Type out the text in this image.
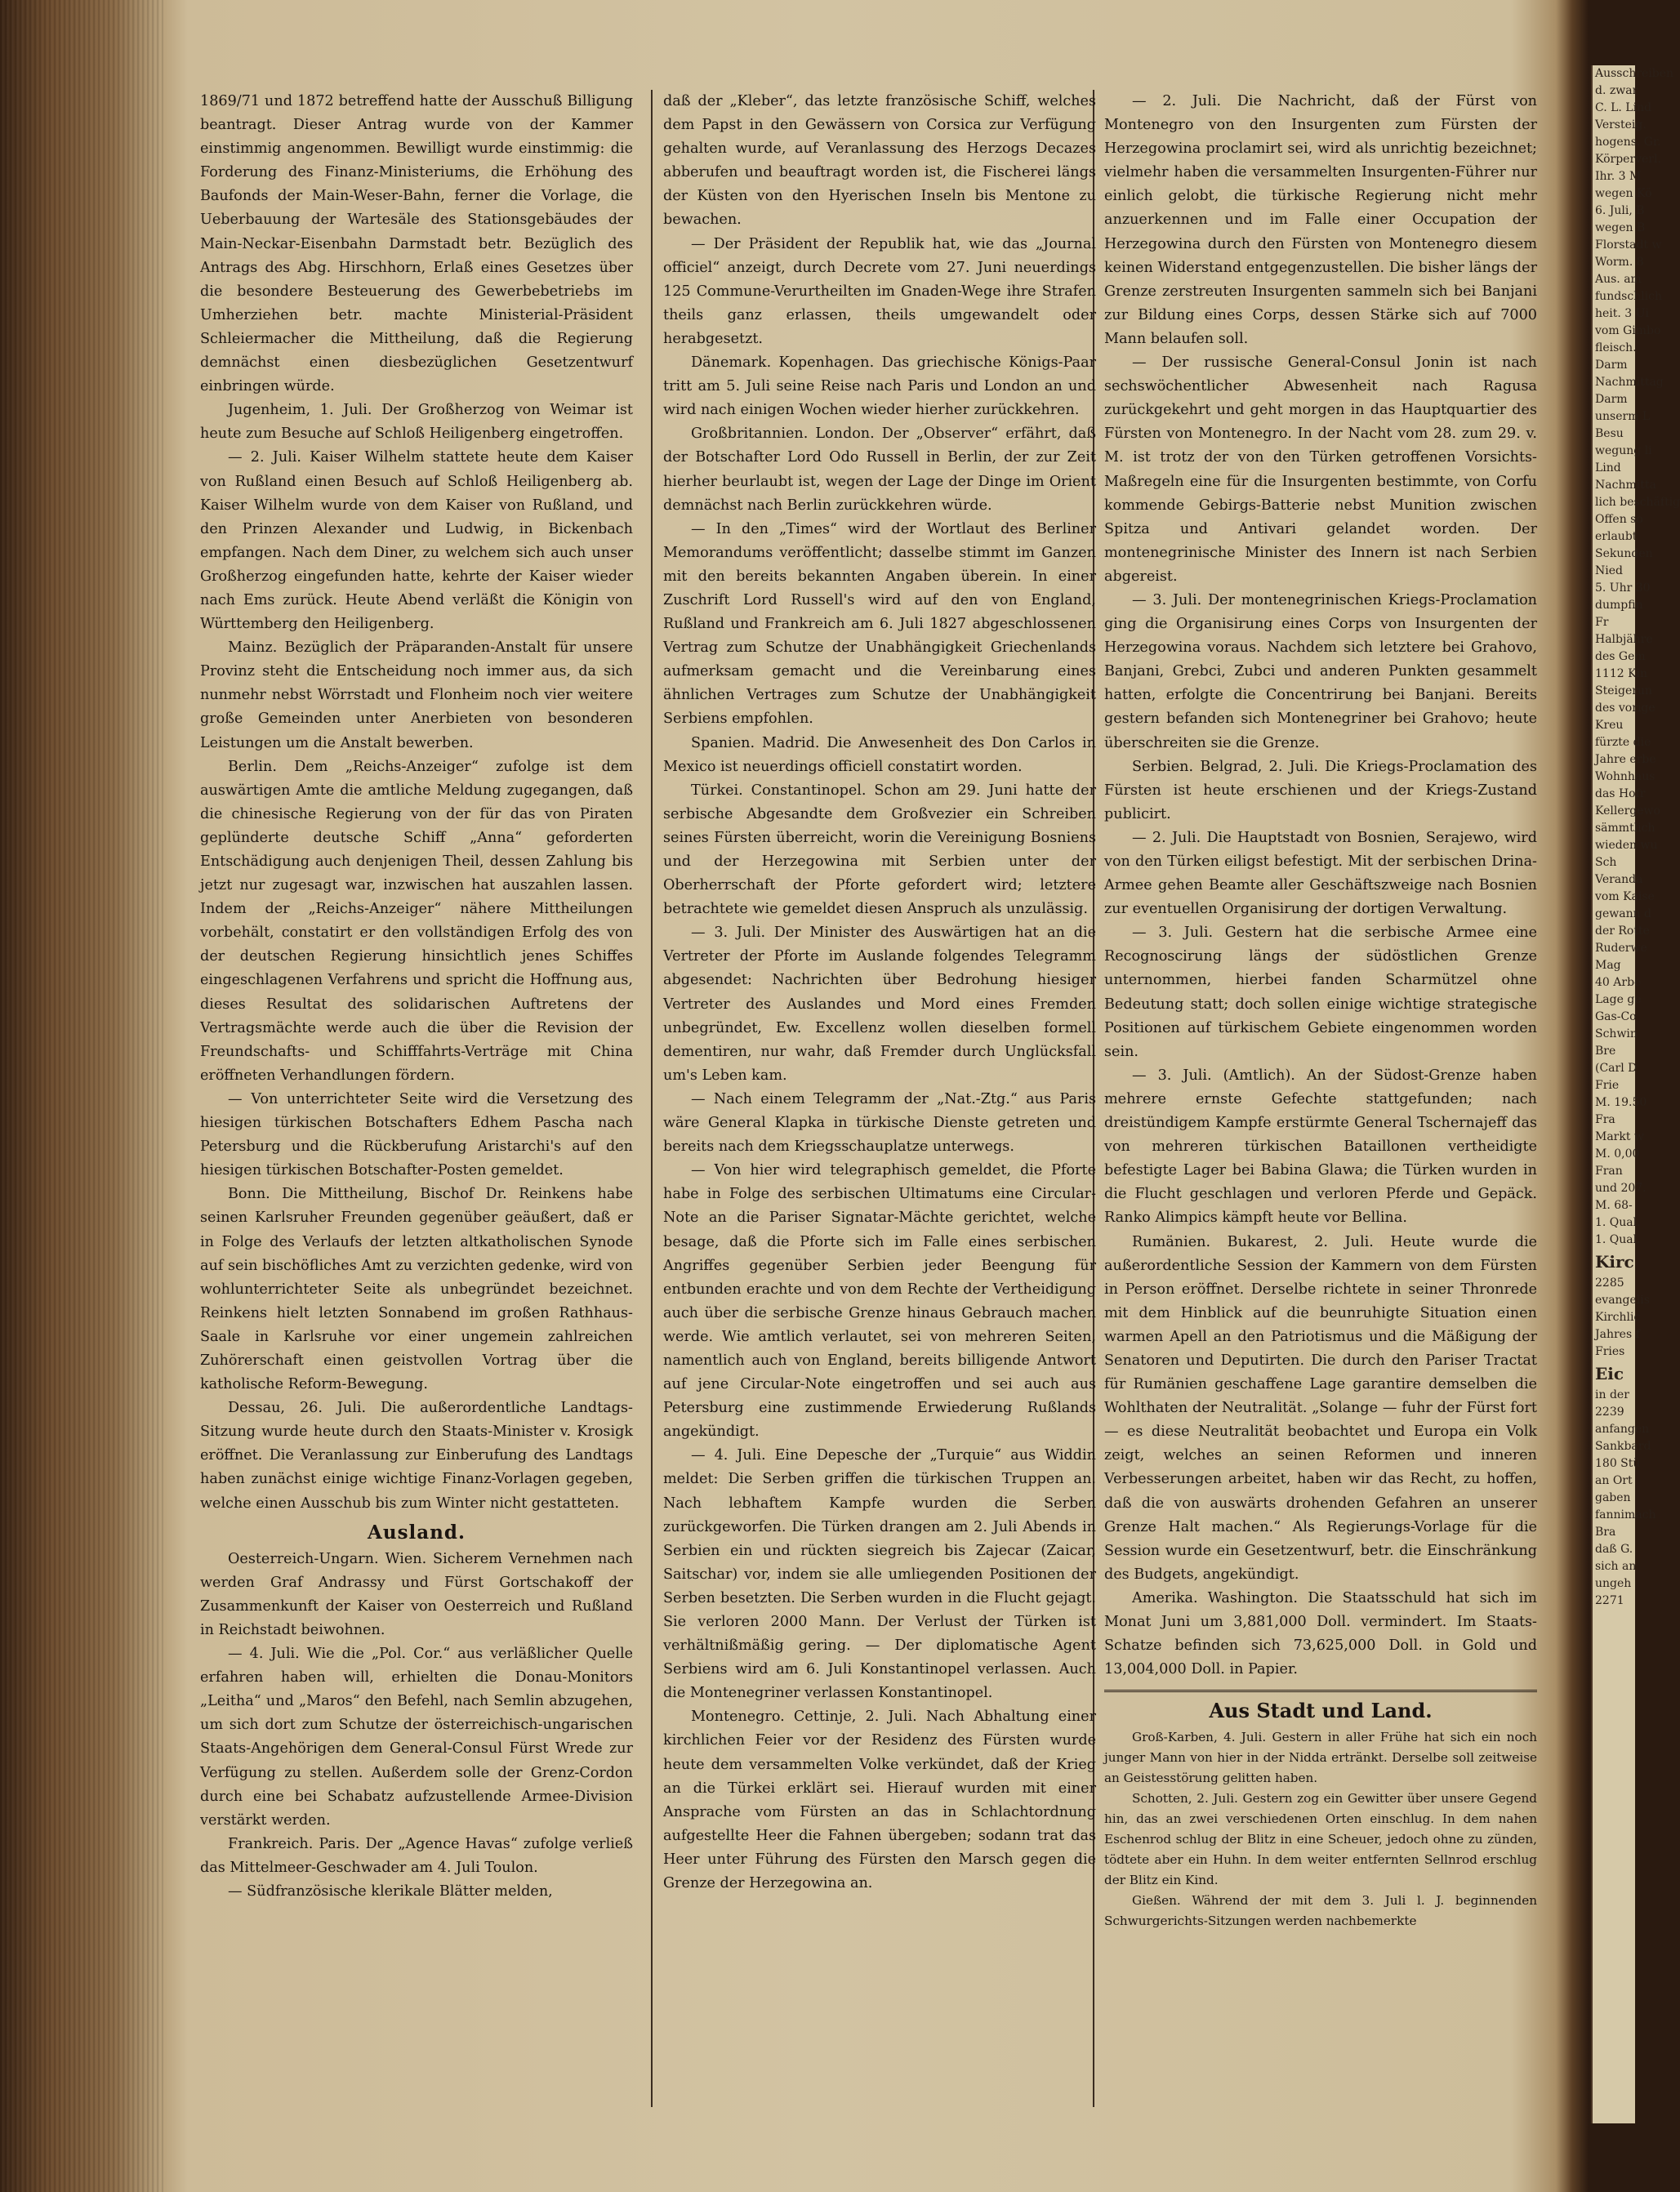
1869/71 und 1872 betreffend hatte der Ausschuß Billigung beantragt. Dieser Antrag wurde von der Kammer einstimmig angenommen. Bewilligt wurde einstimmig: die Forderung des Finanz-Ministeriums, die Erhöhung des Baufonds der Main-Weser-Bahn, ferner die Vorlage, die Ueberbauung der Wartesäle des Stationsgebäudes der Main-Neckar-Eisenbahn Darmstadt betr. Bezüglich des Antrags des Abg. Hirschhorn, Erlaß eines Gesetzes über die besondere Besteuerung des Gewerbebetriebs im Umherziehen betr. machte Ministerial-Präsident Schleiermacher die Mittheilung, daß die Regierung demnächst einen diesbezüglichen Gesetzentwurf einbringen würde.

Jugenheim, 1. Juli. Der Großherzog von Weimar ist heute zum Besuche auf Schloß Heiligenberg eingetroffen.

— 2. Juli. Kaiser Wilhelm stattete heute dem Kaiser von Rußland einen Besuch auf Schloß Heiligenberg ab. Kaiser Wilhelm wurde von dem Kaiser von Rußland, und den Prinzen Alexander und Ludwig, in Bickenbach empfangen. Nach dem Diner, zu welchem sich auch unser Großherzog eingefunden hatte, kehrte der Kaiser wieder nach Ems zurück. Heute Abend verläßt die Königin von Württemberg den Heiligenberg.

Mainz. Bezüglich der Präparanden-Anstalt für unsere Provinz steht die Entscheidung noch immer aus, da sich nunmehr nebst Wörrstadt und Flonheim noch vier weitere große Gemeinden unter Anerbieten von besonderen Leistungen um die Anstalt bewerben.

Berlin. Dem „Reichs-Anzeiger“ zufolge ist dem auswärtigen Amte die amtliche Meldung zugegangen, daß die chinesische Regierung von der für das von Piraten geplünderte deutsche Schiff „Anna“ geforderten Entschädigung auch denjenigen Theil, dessen Zahlung bis jetzt nur zugesagt war, inzwischen hat auszahlen lassen. Indem der „Reichs-Anzeiger“ nähere Mittheilungen vorbehält, constatirt er den vollständigen Erfolg des von der deutschen Regierung hinsichtlich jenes Schiffes eingeschlagenen Verfahrens und spricht die Hoffnung aus, dieses Resultat des solidarischen Auftretens der Vertragsmächte werde auch die über die Revision der Freundschafts- und Schifffahrts-Verträge mit China eröffneten Verhandlungen fördern.

— Von unterrichteter Seite wird die Versetzung des hiesigen türkischen Botschafters Edhem Pascha nach Petersburg und die Rückberufung Aristarchi's auf den hiesigen türkischen Botschafter-Posten gemeldet.

Bonn. Die Mittheilung, Bischof Dr. Reinkens habe seinen Karlsruher Freunden gegenüber geäußert, daß er in Folge des Verlaufs der letzten altkatholischen Synode auf sein bischöfliches Amt zu verzichten gedenke, wird von wohlunterrichteter Seite als unbegründet bezeichnet. Reinkens hielt letzten Sonnabend im großen Rathhaus-Saale in Karlsruhe vor einer ungemein zahlreichen Zuhörerschaft einen geistvollen Vortrag über die katholische Reform-Bewegung.

Dessau, 26. Juli. Die außerordentliche Landtags-Sitzung wurde heute durch den Staats-Minister v. Krosigk eröffnet. Die Veranlassung zur Einberufung des Landtags haben zunächst einige wichtige Finanz-Vorlagen gegeben, welche einen Ausschub bis zum Winter nicht gestatteten.

Ausland.

Oesterreich-Ungarn. Wien. Sicherem Vernehmen nach werden Graf Andrassy und Fürst Gortschakoff der Zusammenkunft der Kaiser von Oesterreich und Rußland in Reichstadt beiwohnen.

— 4. Juli. Wie die „Pol. Cor.“ aus verläßlicher Quelle erfahren haben will, erhielten die Donau-Monitors „Leitha“ und „Maros“ den Befehl, nach Semlin abzugehen, um sich dort zum Schutze der österreichisch-ungarischen Staats-Angehörigen dem General-Consul Fürst Wrede zur Verfügung zu stellen. Außerdem solle der Grenz-Cordon durch eine bei Schabatz aufzustellende Armee-Division verstärkt werden.

Frankreich. Paris. Der „Agence Havas“ zufolge verließ das Mittelmeer-Geschwader am 4. Juli Toulon.

— Südfranzösische klerikale Blätter melden,

daß der „Kleber“, das letzte französische Schiff, welches dem Papst in den Gewässern von Corsica zur Verfügung gehalten wurde, auf Veranlassung des Herzogs Decazes abberufen und beauftragt worden ist, die Fischerei längs der Küsten von den Hyerischen Inseln bis Mentone zu bewachen.

— Der Präsident der Republik hat, wie das „Journal officiel“ anzeigt, durch Decrete vom 27. Juni neuerdings 125 Commune-Verurtheilten im Gnaden-Wege ihre Strafen theils ganz erlassen, theils umgewandelt oder herabgesetzt.

Dänemark. Kopenhagen. Das griechische Königs-Paar tritt am 5. Juli seine Reise nach Paris und London an und wird nach einigen Wochen wieder hierher zurückkehren.

Großbritannien. London. Der „Observer“ erfährt, daß der Botschafter Lord Odo Russell in Berlin, der zur Zeit hierher beurlaubt ist, wegen der Lage der Dinge im Orient demnächst nach Berlin zurückkehren würde.

— In den „Times“ wird der Wortlaut des Berliner Memorandums veröffentlicht; dasselbe stimmt im Ganzen mit den bereits bekannten Angaben überein. In einer Zuschrift Lord Russell's wird auf den von England, Rußland und Frankreich am 6. Juli 1827 abgeschlossenen Vertrag zum Schutze der Unabhängigkeit Griechenlands aufmerksam gemacht und die Vereinbarung eines ähnlichen Vertrages zum Schutze der Unabhängigkeit Serbiens empfohlen.

Spanien. Madrid. Die Anwesenheit des Don Carlos in Mexico ist neuerdings officiell constatirt worden.

Türkei. Constantinopel. Schon am 29. Juni hatte der serbische Abgesandte dem Großvezier ein Schreiben seines Fürsten überreicht, worin die Vereinigung Bosniens und der Herzegowina mit Serbien unter der Oberherrschaft der Pforte gefordert wird; letztere betrachtete wie gemeldet diesen Anspruch als unzulässig.

— 3. Juli. Der Minister des Auswärtigen hat an die Vertreter der Pforte im Auslande folgendes Telegramm abgesendet: Nachrichten über Bedrohung hiesiger Vertreter des Auslandes und Mord eines Fremden unbegründet, Ew. Excellenz wollen dieselben formell dementiren, nur wahr, daß Fremder durch Unglücksfall um's Leben kam.

— Nach einem Telegramm der „Nat.-Ztg.“ aus Paris wäre General Klapka in türkische Dienste getreten und bereits nach dem Kriegsschauplatze unterwegs.

— Von hier wird telegraphisch gemeldet, die Pforte habe in Folge des serbischen Ultimatums eine Circular-Note an die Pariser Signatar-Mächte gerichtet, welche besage, daß die Pforte sich im Falle eines serbischen Angriffes gegenüber Serbien jeder Beengung für entbunden erachte und von dem Rechte der Vertheidigung auch über die serbische Grenze hinaus Gebrauch machen werde. Wie amtlich verlautet, sei von mehreren Seiten, namentlich auch von England, bereits billigende Antwort auf jene Circular-Note eingetroffen und sei auch aus Petersburg eine zustimmende Erwiederung Rußlands angekündigt.

— 4. Juli. Eine Depesche der „Turquie“ aus Widdin meldet: Die Serben griffen die türkischen Truppen an. Nach lebhaftem Kampfe wurden die Serben zurückgeworfen. Die Türken drangen am 2. Juli Abends in Serbien ein und rückten siegreich bis Zajecar (Zaicar, Saitschar) vor, indem sie alle umliegenden Positionen der Serben besetzten. Die Serben wurden in die Flucht gejagt. Sie verloren 2000 Mann. Der Verlust der Türken ist verhältnißmäßig gering. — Der diplomatische Agent Serbiens wird am 6. Juli Konstantinopel verlassen. Auch die Montenegriner verlassen Konstantinopel.

Montenegro. Cettinje, 2. Juli. Nach Abhaltung einer kirchlichen Feier vor der Residenz des Fürsten wurde heute dem versammelten Volke verkündet, daß der Krieg an die Türkei erklärt sei. Hierauf wurden mit einer Ansprache vom Fürsten an das in Schlachtordnung aufgestellte Heer die Fahnen übergeben; sodann trat das Heer unter Führung des Fürsten den Marsch gegen die Grenze der Herzegowina an.

— 2. Juli. Die Nachricht, daß der Fürst von Montenegro von den Insurgenten zum Fürsten der Herzegowina proclamirt sei, wird als unrichtig bezeichnet; vielmehr haben die versammelten Insurgenten-Führer nur einlich gelobt, die türkische Regierung nicht mehr anzuerkennen und im Falle einer Occupation der Herzegowina durch den Fürsten von Montenegro diesem keinen Widerstand entgegenzustellen. Die bisher längs der Grenze zerstreuten Insurgenten sammeln sich bei Banjani zur Bildung eines Corps, dessen Stärke sich auf 7000 Mann belaufen soll.

— Der russische General-Consul Jonin ist nach sechswöchentlicher Abwesenheit nach Ragusa zurückgekehrt und geht morgen in das Hauptquartier des Fürsten von Montenegro. In der Nacht vom 28. zum 29. v. M. ist trotz der von den Türken getroffenen Vorsichts-Maßregeln eine für die Insurgenten bestimmte, von Corfu kommende Gebirgs-Batterie nebst Munition zwischen Spitza und Antivari gelandet worden. Der montenegrinische Minister des Innern ist nach Serbien abgereist.

— 3. Juli. Der montenegrinischen Kriegs-Proclamation ging die Organisirung eines Corps von Insurgenten der Herzegowina voraus. Nachdem sich letztere bei Grahovo, Banjani, Grebci, Zubci und anderen Punkten gesammelt hatten, erfolgte die Concentrirung bei Banjani. Bereits gestern befanden sich Montenegriner bei Grahovo; heute überschreiten sie die Grenze.

Serbien. Belgrad, 2. Juli. Die Kriegs-Proclamation des Fürsten ist heute erschienen und der Kriegs-Zustand publicirt.

— 2. Juli. Die Hauptstadt von Bosnien, Serajewo, wird von den Türken eiligst befestigt. Mit der serbischen Drina-Armee gehen Beamte aller Geschäftszweige nach Bosnien zur eventuellen Organisirung der dortigen Verwaltung.

— 3. Juli. Gestern hat die serbische Armee eine Recognoscirung längs der südöstlichen Grenze unternommen, hierbei fanden Scharmützel ohne Bedeutung statt; doch sollen einige wichtige strategische Positionen auf türkischem Gebiete eingenommen worden sein.

— 3. Juli. (Amtlich). An der Südost-Grenze haben mehrere ernste Gefechte stattgefunden; nach dreistündigem Kampfe erstürmte General Tschernajeff das von mehreren türkischen Bataillonen vertheidigte befestigte Lager bei Babina Glawa; die Türken wurden in die Flucht geschlagen und verloren Pferde und Gepäck. Ranko Alimpics kämpft heute vor Bellina.

Rumänien. Bukarest, 2. Juli. Heute wurde die außerordentliche Session der Kammern von dem Fürsten in Person eröffnet. Derselbe richtete in seiner Thronrede mit dem Hinblick auf die beunruhigte Situation einen warmen Apell an den Patriotismus und die Mäßigung der Senatoren und Deputirten. Die durch den Pariser Tractat für Rumänien geschaffene Lage garantire demselben die Wohlthaten der Neutralität. „Solange — fuhr der Fürst fort — es diese Neutralität beobachtet und Europa ein Volk zeigt, welches an seinen Reformen und inneren Verbesserungen arbeitet, haben wir das Recht, zu hoffen, daß die von auswärts drohenden Gefahren an unserer Grenze Halt machen.“ Als Regierungs-Vorlage für die Session wurde ein Gesetzentwurf, betr. die Einschränkung des Budgets, angekündigt.

Amerika. Washington. Die Staatsschuld hat sich im Monat Juni um 3,881,000 Doll. vermindert. Im Staats-Schatze befinden sich 73,625,000 Doll. in Gold und 13,004,000 Doll. in Papier.

Aus Stadt und Land.

Groß-Karben, 4. Juli. Gestern in aller Frühe hat sich ein noch junger Mann von hier in der Nidda ertränkt. Derselbe soll zeitweise an Geistesstörung gelitten haben.

Schotten, 2. Juli. Gestern zog ein Gewitter über unsere Gegend hin, das an zwei verschiedenen Orten einschlug. In dem nahen Eschenrod schlug der Blitz in eine Scheuer, jedoch ohne zu zünden, tödtete aber ein Huhn. In dem weiter entfernten Sellnrod erschlug der Blitz ein Kind.

Gießen. Während der mit dem 3. Juli l. J. beginnenden Schwurgerichts-Sitzungen werden nachbemerkte

Ausschreiben
d. zwar
C. L. Lind
Versteig.
hogens. Gr.
Körperverl.
Ihr. 3 M
wegen Kö
6. Juli, B
wegen B
Florstadt w
Worm. 8
Aus. am
fundschlich
heit. 3 Ui
vom Gimbo
fleisch.
Darm
Nachmittag
Darm
unserm L
Besu
wegung li
Lind
Nachmitta
lich beschäftig
Offen so
erlaubt
Sekunden
Nied
5. Uhr 30
dumpfin
Fr
Halbjähre
des Gem
1112 Kin
Steigerun
des vorige
Kreu
fürzte die
Jahre erbe
Wohnhaus
das Hofr
Kellergewo
sämmtlich
wieden wu
Sch
Veranda
vom Kaise
gewann d
der Rotte
Ruderwe
Mag
40 Arbe
Lage ge
Gas-Co
Schwin
Bre
(Carl D
Frie
M. 19.50
Fra
Markt w
M. 0,00
Fran
und 207.
M. 68-
1. Qual.
1. Qual.
Kirc
2285
evangelis
Kirchlic
Jahres f
Fries
Eic
in der
2239
anfangen
Sankbard
180 Stü
an Ort
gaben
fannimach
Bra
daß G.
sich an
ungeh
2271
